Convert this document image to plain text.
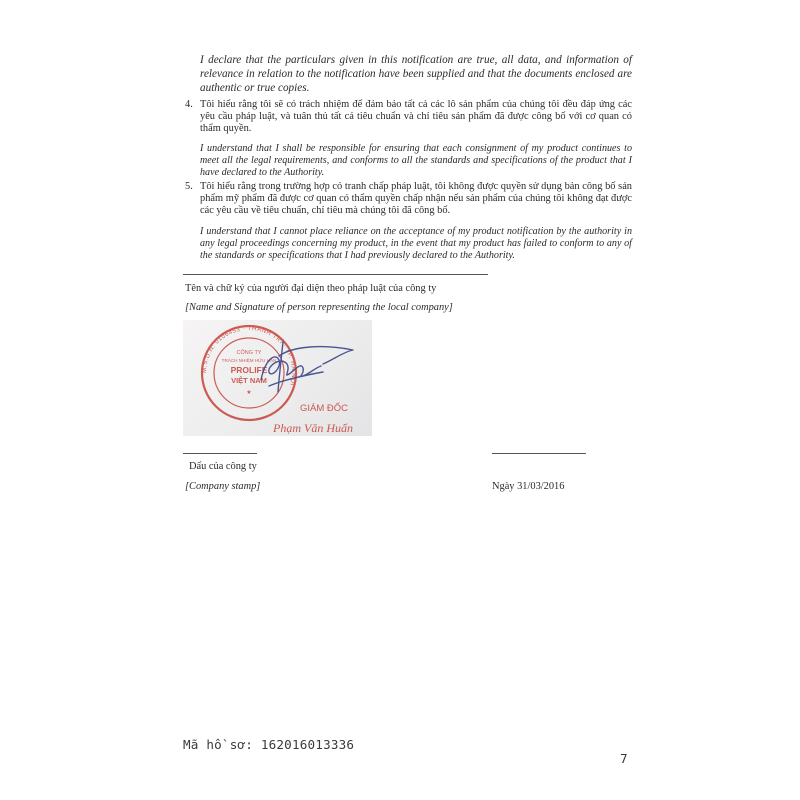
I declare that the particulars given in this notification are true, all data, and information of relevance in relation to the notification have been supplied and that the documents enclosed are authentic or true copies.
4. Tôi hiểu rằng tôi sẽ có trách nhiệm để đảm bảo tất cả các lô sản phẩm của chúng tôi đều đáp ứng các yêu cầu pháp luật, và tuân thủ tất cả tiêu chuẩn và chỉ tiêu sản phẩm đã được công bố với cơ quan có thẩm quyền.
I understand that I shall be responsible for ensuring that each consignment of my product continues to meet all the legal requirements, and conforms to all the standards and specifications of the product that I have declared to the Authority.
5. Tôi hiểu rằng trong trường hợp có tranh chấp pháp luật, tôi không được quyền sử dụng bản công bố sản phẩm mỹ phẩm đã được cơ quan có thẩm quyền chấp nhận nếu sản phẩm của chúng tôi không đạt được các yêu cầu về tiêu chuẩn, chỉ tiêu mà chúng tôi đã công bố.
I understand that I cannot place reliance on the acceptance of my product notification by the authority in any legal proceedings concerning my product, in the event that my product has failed to conform to any of the standards or specifications that I had previously declared to the Authority.
Tên và chữ ký của người đại diện theo pháp luật của công ty
[Name and Signature of person representing the local company]
M.S.D.N: 0106453 · THANH TRÌ · TP. HÀ NỘI
CÔNG TY
TRÁCH NHIỆM HỮU HẠN
PROLIFE
VIỆT NAM
★
GIÁM ĐỐC
Phạm Văn Huấn
Dấu của công ty
[Company stamp]	Ngày 31/03/2016
Mã hồ sơ: 162016013336
7
